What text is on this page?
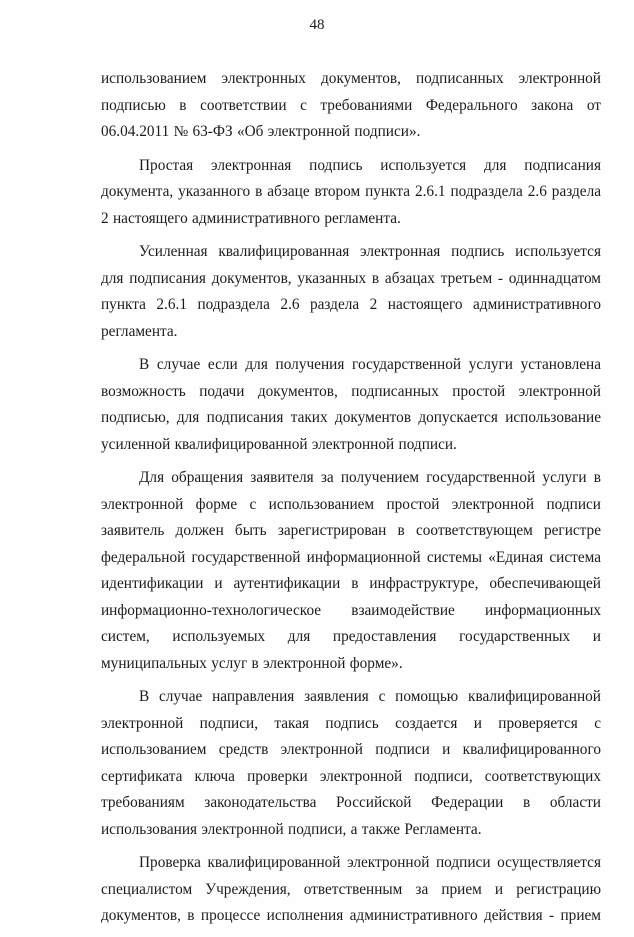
48

использованием электронных документов, подписанных электронной подписью в соответствии с требованиями Федерального закона от 06.04.2011 № 63-ФЗ «Об электронной подписи».

Простая электронная подпись используется для подписания документа, указанного в абзаце втором пункта 2.6.1 подраздела 2.6 раздела 2 настоящего административного регламента.

Усиленная квалифицированная электронная подпись используется для подписания документов, указанных в абзацах третьем - одиннадцатом пункта 2.6.1 подраздела 2.6 раздела 2 настоящего административного регламента.

В случае если для получения государственной услуги установлена возможность подачи документов, подписанных простой электронной подписью, для подписания таких документов допускается использование усиленной квалифицированной электронной подписи.

Для обращения заявителя за получением государственной услуги в электронной форме с использованием простой электронной подписи заявитель должен быть зарегистрирован в соответствующем регистре федеральной государственной информационной системы «Единая система идентификации и аутентификации в инфраструктуре, обеспечивающей информационно-технологическое взаимодействие информационных систем, используемых для предоставления государственных и муниципальных услуг в электронной форме».

В случае направления заявления с помощью квалифицированной электронной подписи, такая подпись создается и проверяется с использованием средств электронной подписи и квалифицированного сертификата ключа проверки электронной подписи, соответствующих требованиям законодательства Российской Федерации в области использования электронной подписи, а также Регламента.

Проверка квалифицированной электронной подписи осуществляется специалистом Учреждения, ответственным за прием и регистрацию документов, в процессе исполнения административного действия - прием
